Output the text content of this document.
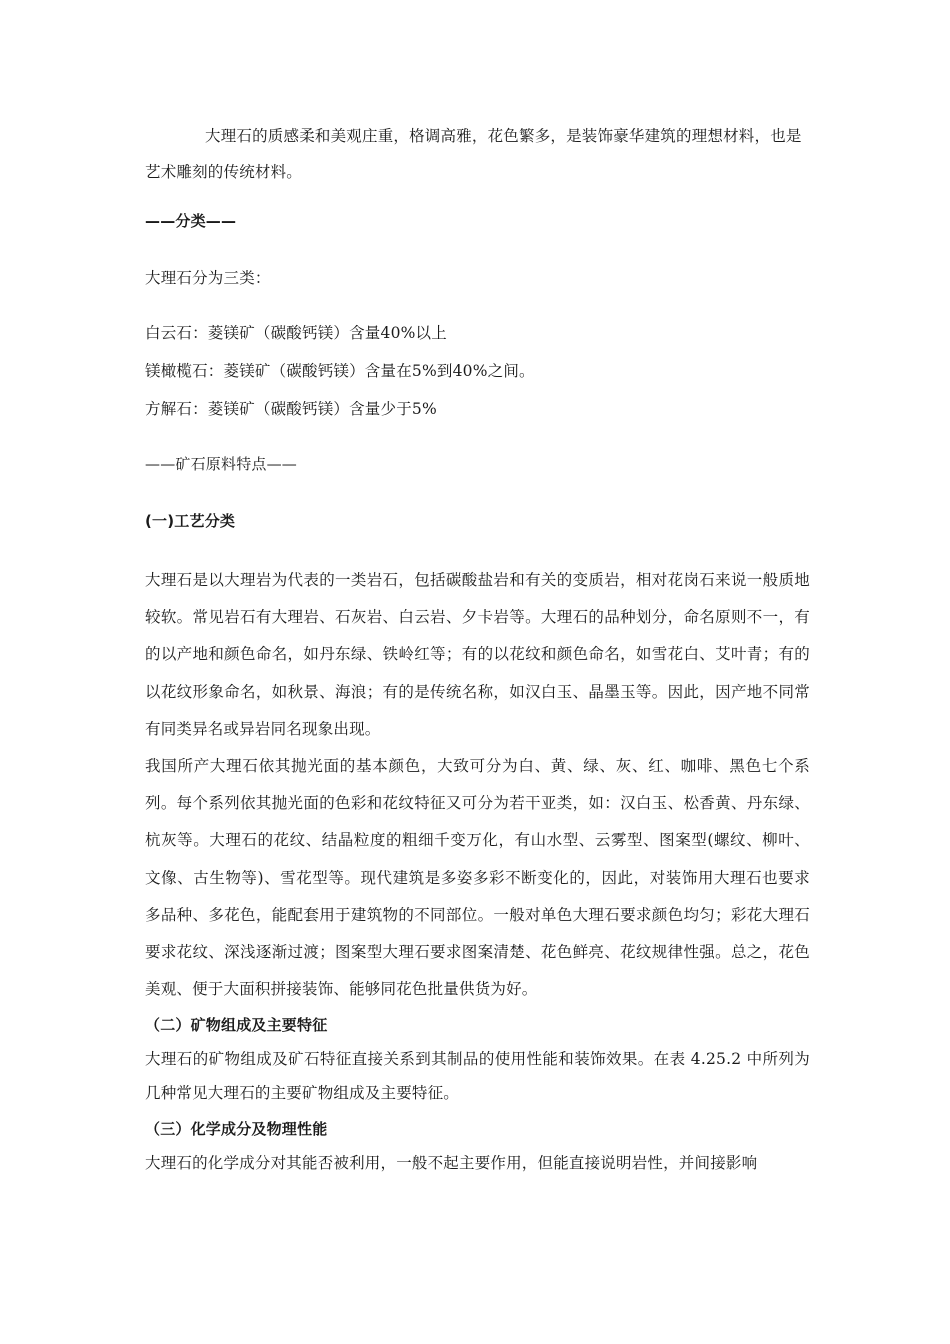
大理石的质感柔和美观庄重，格调高雅，花色繁多，是装饰豪华建筑的理想材料，也是艺术雕刻的传统材料。

——分类——

大理石分为三类：

白云石：菱镁矿（碳酸钙镁）含量40%以上

镁橄榄石：菱镁矿（碳酸钙镁）含量在5%到40%之间。

方解石：菱镁矿（碳酸钙镁）含量少于5%

——矿石原料特点——

(一)工艺分类

大理石是以大理岩为代表的一类岩石，包括碳酸盐岩和有关的变质岩，相对花岗石来说一般质地较软。常见岩石有大理岩、石灰岩、白云岩、夕卡岩等。大理石的品种划分，命名原则不一，有的以产地和颜色命名，如丹东绿、铁岭红等；有的以花纹和颜色命名，如雪花白、艾叶青；有的以花纹形象命名，如秋景、海浪；有的是传统名称，如汉白玉、晶墨玉等。因此，因产地不同常有同类异名或异岩同名现象出现。

我国所产大理石依其抛光面的基本颜色，大致可分为白、黄、绿、灰、红、咖啡、黑色七个系列。每个系列依其抛光面的色彩和花纹特征又可分为若干亚类，如：汉白玉、松香黄、丹东绿、杭灰等。大理石的花纹、结晶粒度的粗细千变万化，有山水型、云雾型、图案型(螺纹、柳叶、文像、古生物等)、雪花型等。现代建筑是多姿多彩不断变化的，因此，对装饰用大理石也要求多品种、多花色，能配套用于建筑物的不同部位。一般对单色大理石要求颜色均匀；彩花大理石要求花纹、深浅逐渐过渡；图案型大理石要求图案清楚、花色鲜亮、花纹规律性强。总之，花色美观、便于大面积拼接装饰、能够同花色批量供货为好。

（二）矿物组成及主要特征

大理石的矿物组成及矿石特征直接关系到其制品的使用性能和装饰效果。在表 4.25.2 中所列为几种常见大理石的主要矿物组成及主要特征。

（三）化学成分及物理性能

大理石的化学成分对其能否被利用，一般不起主要作用，但能直接说明岩性，并间接影响
